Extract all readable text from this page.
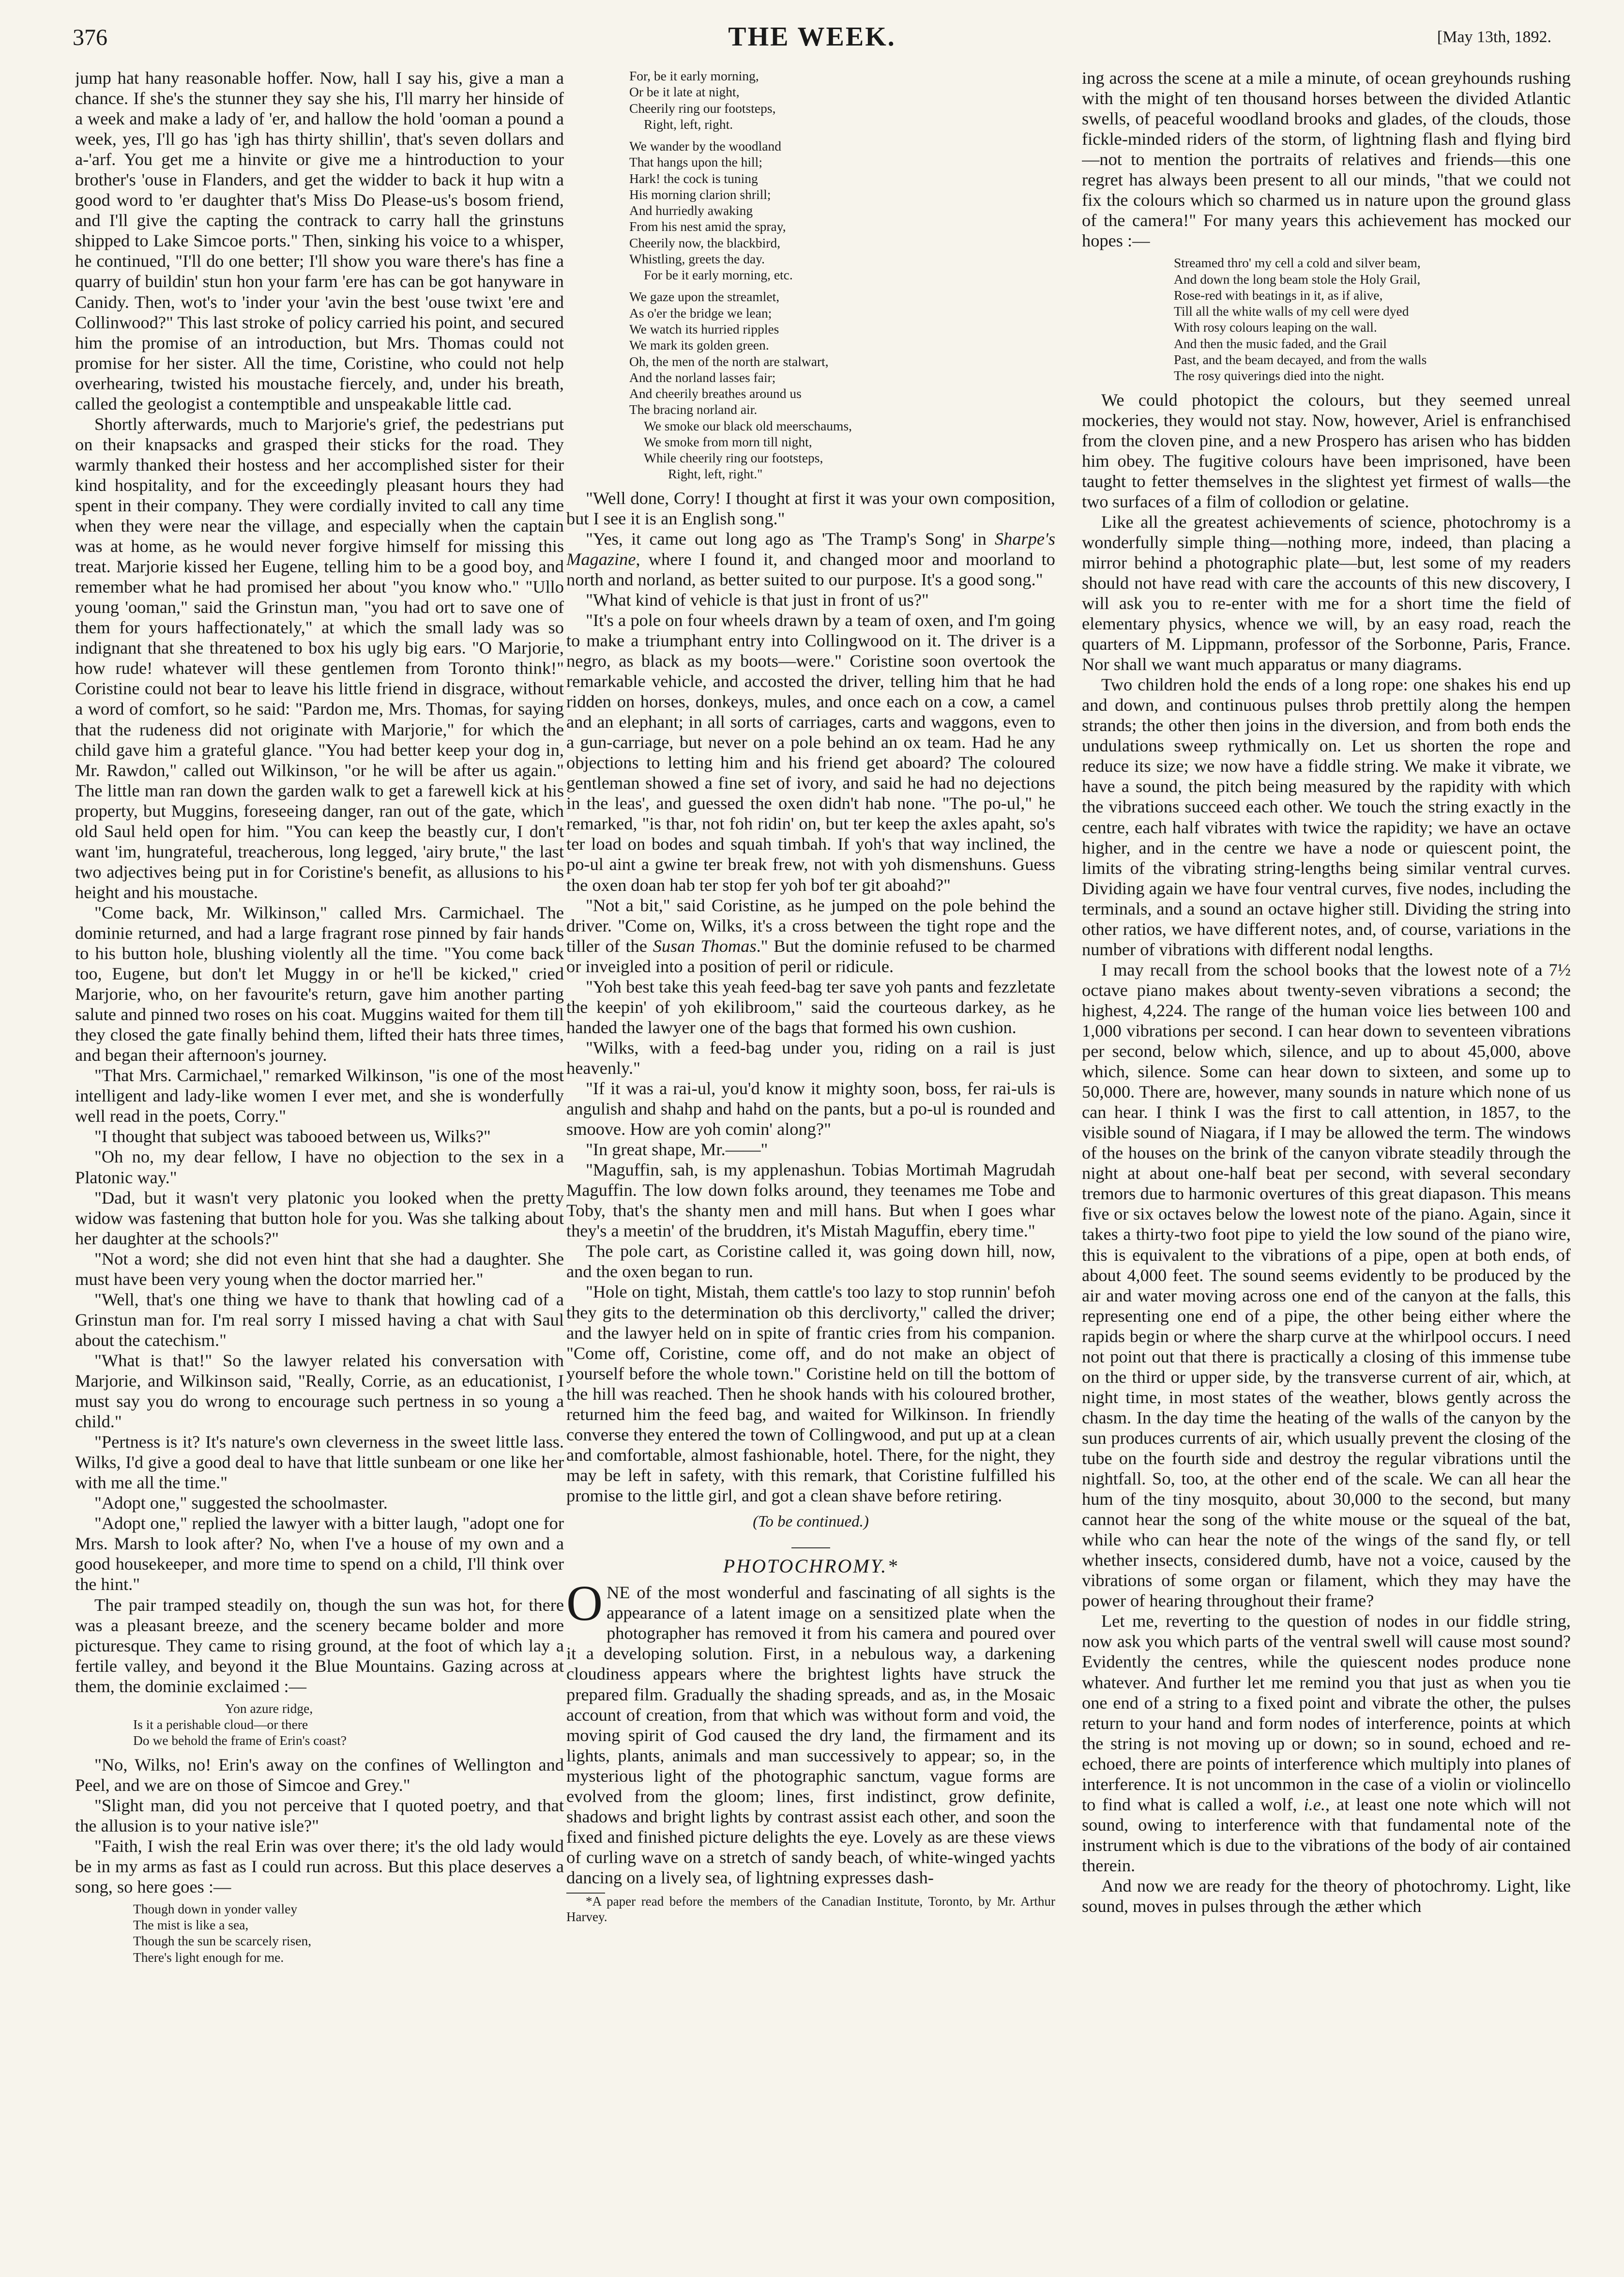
376	THE WEEK.	[May 13th, 1892.

jump hat hany reasonable hoffer. Now, hall I say his, give a man a chance. If she's the stunner they say she his, I'll marry her hinside of a week and make a lady of 'er, and hallow the hold 'ooman a pound a week, yes, I'll go has 'igh has thirty shillin', that's seven dollars and a-'arf. You get me a hinvite or give me a hintroduction to your brother's 'ouse in Flanders, and get the widder to back it hup witn a good word to 'er daughter that's Miss Do Please-us's bosom friend, and I'll give the capting the contrack to carry hall the grinstuns shipped to Lake Simcoe ports." Then, sinking his voice to a whisper, he continued, "I'll do one better; I'll show you ware there's has fine a quarry of buildin' stun hon your farm 'ere has can be got hanyware in Canidy. Then, wot's to 'inder your 'avin the best 'ouse twixt 'ere and Collinwood?" This last stroke of policy carried his point, and secured him the promise of an introduction, but Mrs. Thomas could not promise for her sister. All the time, Coristine, who could not help overhearing, twisted his moustache fiercely, and, under his breath, called the geologist a contemptible and unspeakable little cad.

Shortly afterwards, much to Marjorie's grief, the pedestrians put on their knapsacks and grasped their sticks for the road. They warmly thanked their hostess and her accomplished sister for their kind hospitality, and for the exceedingly pleasant hours they had spent in their company. They were cordially invited to call any time when they were near the village, and especially when the captain was at home, as he would never forgive himself for missing this treat. Marjorie kissed her Eugene, telling him to be a good boy, and remember what he had promised her about "you know who." "Ullo young 'ooman," said the Grinstun man, "you had ort to save one of them for yours haffectionately," at which the small lady was so indignant that she threatened to box his ugly big ears. "O Marjorie, how rude! whatever will these gentlemen from Toronto think!" Coristine could not bear to leave his little friend in disgrace, without a word of comfort, so he said: "Pardon me, Mrs. Thomas, for saying that the rudeness did not originate with Marjorie," for which the child gave him a grateful glance. "You had better keep your dog in, Mr. Rawdon," called out Wilkinson, "or he will be after us again." The little man ran down the garden walk to get a farewell kick at his property, but Muggins, foreseeing danger, ran out of the gate, which old Saul held open for him. "You can keep the beastly cur, I don't want 'im, hungrateful, treacherous, long legged, 'airy brute," the last two adjectives being put in for Coristine's benefit, as allusions to his height and his moustache.

"Come back, Mr. Wilkinson," called Mrs. Carmichael. The dominie returned, and had a large fragrant rose pinned by fair hands to his button hole, blushing violently all the time. "You come back too, Eugene, but don't let Muggy in or he'll be kicked," cried Marjorie, who, on her favourite's return, gave him another parting salute and pinned two roses on his coat. Muggins waited for them till they closed the gate finally behind them, lifted their hats three times, and began their afternoon's journey.

"That Mrs. Carmichael," remarked Wilkinson, "is one of the most intelligent and lady-like women I ever met, and she is wonderfully well read in the poets, Corry."

"I thought that subject was tabooed between us, Wilks?"

"Oh no, my dear fellow, I have no objection to the sex in a Platonic way."

"Dad, but it wasn't very platonic you looked when the pretty widow was fastening that button hole for you. Was she talking about her daughter at the schools?"

"Not a word; she did not even hint that she had a daughter. She must have been very young when the doctor married her."

"Well, that's one thing we have to thank that howling cad of a Grinstun man for. I'm real sorry I missed having a chat with Saul about the catechism."

"What is that!" So the lawyer related his conversation with Marjorie, and Wilkinson said, "Really, Corrie, as an educationist, I must say you do wrong to encourage such pertness in so young a child."

"Pertness is it? It's nature's own cleverness in the sweet little lass. Wilks, I'd give a good deal to have that little sunbeam or one like her with me all the time."

"Adopt one," suggested the schoolmaster.

"Adopt one," replied the lawyer with a bitter laugh, "adopt one for Mrs. Marsh to look after? No, when I've a house of my own and a good housekeeper, and more time to spend on a child, I'll think over the hint."

The pair tramped steadily on, though the sun was hot, for there was a pleasant breeze, and the scenery became bolder and more picturesque. They came to rising ground, at the foot of which lay a fertile valley, and beyond it the Blue Mountains. Gazing across at them, the dominie exclaimed :—

Yon azure ridge,
Is it a perishable cloud—or there
Do we behold the frame of Erin's coast?

"No, Wilks, no! Erin's away on the confines of Wellington and Peel, and we are on those of Simcoe and Grey."

"Slight man, did you not perceive that I quoted poetry, and that the allusion is to your native isle?"

"Faith, I wish the real Erin was over there; it's the old lady would be in my arms as fast as I could run across. But this place deserves a song, so here goes :—

Though down in yonder valley
The mist is like a sea,
Though the sun be scarcely risen,
There's light enough for me.
For, be it early morning,
Or be it late at night,
Cheerily ring our footsteps,
Right, left, right.
We wander by the woodland
That hangs upon the hill;
Hark! the cock is tuning
His morning clarion shrill;
And hurriedly awaking
From his nest amid the spray,
Cheerily now, the blackbird,
Whistling, greets the day.
For be it early morning, etc.
We gaze upon the streamlet,
As o'er the bridge we lean;
We watch its hurried ripples
We mark its golden green.
Oh, the men of the north are stalwart,
And the norland lasses fair;
And cheerily breathes around us
The bracing norland air.
We smoke our black old meerschaums,
We smoke from morn till night,
While cheerily ring our footsteps,
Right, left, right."

"Well done, Corry! I thought at first it was your own composition, but I see it is an English song."

"Yes, it came out long ago as 'The Tramp's Song' in Sharpe's Magazine, where I found it, and changed moor and moorland to north and norland, as better suited to our purpose. It's a good song."

"What kind of vehicle is that just in front of us?"

"It's a pole on four wheels drawn by a team of oxen, and I'm going to make a triumphant entry into Collingwood on it. The driver is a negro, as black as my boots—were." Coristine soon overtook the remarkable vehicle, and accosted the driver, telling him that he had ridden on horses, donkeys, mules, and once each on a cow, a camel and an elephant; in all sorts of carriages, carts and waggons, even to a gun-carriage, but never on a pole behind an ox team. Had he any objections to letting him and his friend get aboard? The coloured gentleman showed a fine set of ivory, and said he had no dejections in the leas', and guessed the oxen didn't hab none. "The po-ul," he remarked, "is thar, not foh ridin' on, but ter keep the axles apaht, so's ter load on bodes and squah timbah. If yoh's that way inclined, the po-ul aint a gwine ter break frew, not with yoh dismenshuns. Guess the oxen doan hab ter stop fer yoh bof ter git aboahd?"

"Not a bit," said Coristine, as he jumped on the pole behind the driver. "Come on, Wilks, it's a cross between the tight rope and the tiller of the Susan Thomas." But the dominie refused to be charmed or inveigled into a position of peril or ridicule.

"Yoh best take this yeah feed-bag ter save yoh pants and fezzletate the keepin' of yoh ekilibroom," said the courteous darkey, as he handed the lawyer one of the bags that formed his own cushion.

"Wilks, with a feed-bag under you, riding on a rail is just heavenly."

"If it was a rai-ul, you'd know it mighty soon, boss, fer rai-uls is angulish and shahp and hahd on the pants, but a po-ul is rounded and smoove. How are yoh comin' along?"

"In great shape, Mr.——"

"Maguffin, sah, is my applenashun. Tobias Mortimah Magrudah Maguffin. The low down folks around, they teenames me Tobe and Toby, that's the shanty men and mill hans. But when I goes whar they's a meetin' of the bruddren, it's Mistah Maguffin, ebery time."

The pole cart, as Coristine called it, was going down hill, now, and the oxen began to run.

"Hole on tight, Mistah, them cattle's too lazy to stop runnin' befoh they gits to the determination ob this derclivorty," called the driver; and the lawyer held on in spite of frantic cries from his companion. "Come off, Coristine, come off, and do not make an object of yourself before the whole town." Coristine held on till the bottom of the hill was reached. Then he shook hands with his coloured brother, returned him the feed bag, and waited for Wilkinson. In friendly converse they entered the town of Collingwood, and put up at a clean and comfortable, almost fashionable, hotel. There, for the night, they may be left in safety, with this remark, that Coristine fulfilled his promise to the little girl, and got a clean shave before retiring.

(To be continued.)
PHOTOCHROMY.*

ONE of the most wonderful and fascinating of all sights is the appearance of a latent image on a sensitized plate when the photographer has removed it from his camera and poured over it a developing solution. First, in a nebulous way, a darkening cloudiness appears where the brightest lights have struck the prepared film. Gradually the shading spreads, and as, in the Mosaic account of creation, from that which was without form and void, the moving spirit of God caused the dry land, the firmament and its lights, plants, animals and man successively to appear; so, in the mysterious light of the photographic sanctum, vague forms are evolved from the gloom; lines, first indistinct, grow definite, shadows and bright lights by contrast assist each other, and soon the fixed and finished picture delights the eye. Lovely as are these views of curling wave on a stretch of sandy beach, of white-winged yachts dancing on a lively sea, of lightning expresses dash-

*A paper read before the members of the Canadian Institute, Toronto, by Mr. Arthur Harvey.

ing across the scene at a mile a minute, of ocean greyhounds rushing with the might of ten thousand horses between the divided Atlantic swells, of peaceful woodland brooks and glades, of the clouds, those fickle-minded riders of the storm, of lightning flash and flying bird—not to mention the portraits of relatives and friends—this one regret has always been present to all our minds, "that we could not fix the colours which so charmed us in nature upon the ground glass of the camera!" For many years this achievement has mocked our hopes :—

Streamed thro' my cell a cold and silver beam,
And down the long beam stole the Holy Grail,
Rose-red with beatings in it, as if alive,
Till all the white walls of my cell were dyed
With rosy colours leaping on the wall.
And then the music faded, and the Grail
Past, and the beam decayed, and from the walls
The rosy quiverings died into the night.

We could photopict the colours, but they seemed unreal mockeries, they would not stay. Now, however, Ariel is enfranchised from the cloven pine, and a new Prospero has arisen who has bidden him obey. The fugitive colours have been imprisoned, have been taught to fetter themselves in the slightest yet firmest of walls—the two surfaces of a film of collodion or gelatine.

Like all the greatest achievements of science, photochromy is a wonderfully simple thing—nothing more, indeed, than placing a mirror behind a photographic plate—but, lest some of my readers should not have read with care the accounts of this new discovery, I will ask you to re-enter with me for a short time the field of elementary physics, whence we will, by an easy road, reach the quarters of M. Lippmann, professor of the Sorbonne, Paris, France. Nor shall we want much apparatus or many diagrams.

Two children hold the ends of a long rope: one shakes his end up and down, and continuous pulses throb prettily along the hempen strands; the other then joins in the diversion, and from both ends the undulations sweep rythmically on. Let us shorten the rope and reduce its size; we now have a fiddle string. We make it vibrate, we have a sound, the pitch being measured by the rapidity with which the vibrations succeed each other. We touch the string exactly in the centre, each half vibrates with twice the rapidity; we have an octave higher, and in the centre we have a node or quiescent point, the limits of the vibrating string-lengths being similar ventral curves. Dividing again we have four ventral curves, five nodes, including the terminals, and a sound an octave higher still. Dividing the string into other ratios, we have different notes, and, of course, variations in the number of vibrations with different nodal lengths.

I may recall from the school books that the lowest note of a 7½ octave piano makes about twenty-seven vibrations a second; the highest, 4,224. The range of the human voice lies between 100 and 1,000 vibrations per second. I can hear down to seventeen vibrations per second, below which, silence, and up to about 45,000, above which, silence. Some can hear down to sixteen, and some up to 50,000. There are, however, many sounds in nature which none of us can hear. I think I was the first to call attention, in 1857, to the visible sound of Niagara, if I may be allowed the term. The windows of the houses on the brink of the canyon vibrate steadily through the night at about one-half beat per second, with several secondary tremors due to harmonic overtures of this great diapason. This means five or six octaves below the lowest note of the piano. Again, since it takes a thirty-two foot pipe to yield the low sound of the piano wire, this is equivalent to the vibrations of a pipe, open at both ends, of about 4,000 feet. The sound seems evidently to be produced by the air and water moving across one end of the canyon at the falls, this representing one end of a pipe, the other being either where the rapids begin or where the sharp curve at the whirlpool occurs. I need not point out that there is practically a closing of this immense tube on the third or upper side, by the transverse current of air, which, at night time, in most states of the weather, blows gently across the chasm. In the day time the heating of the walls of the canyon by the sun produces currents of air, which usually prevent the closing of the tube on the fourth side and destroy the regular vibrations until the nightfall. So, too, at the other end of the scale. We can all hear the hum of the tiny mosquito, about 30,000 to the second, but many cannot hear the song of the white mouse or the squeal of the bat, while who can hear the note of the wings of the sand fly, or tell whether insects, considered dumb, have not a voice, caused by the vibrations of some organ or filament, which they may have the power of hearing throughout their frame?

Let me, reverting to the question of nodes in our fiddle string, now ask you which parts of the ventral swell will cause most sound? Evidently the centres, while the quiescent nodes produce none whatever. And further let me remind you that just as when you tie one end of a string to a fixed point and vibrate the other, the pulses return to your hand and form nodes of interference, points at which the string is not moving up or down; so in sound, echoed and re-echoed, there are points of interference which multiply into planes of interference. It is not uncommon in the case of a violin or violincello to find what is called a wolf, i.e., at least one note which will not sound, owing to interference with that fundamental note of the instrument which is due to the vibrations of the body of air contained therein.

And now we are ready for the theory of photochromy. Light, like sound, moves in pulses through the æther which
